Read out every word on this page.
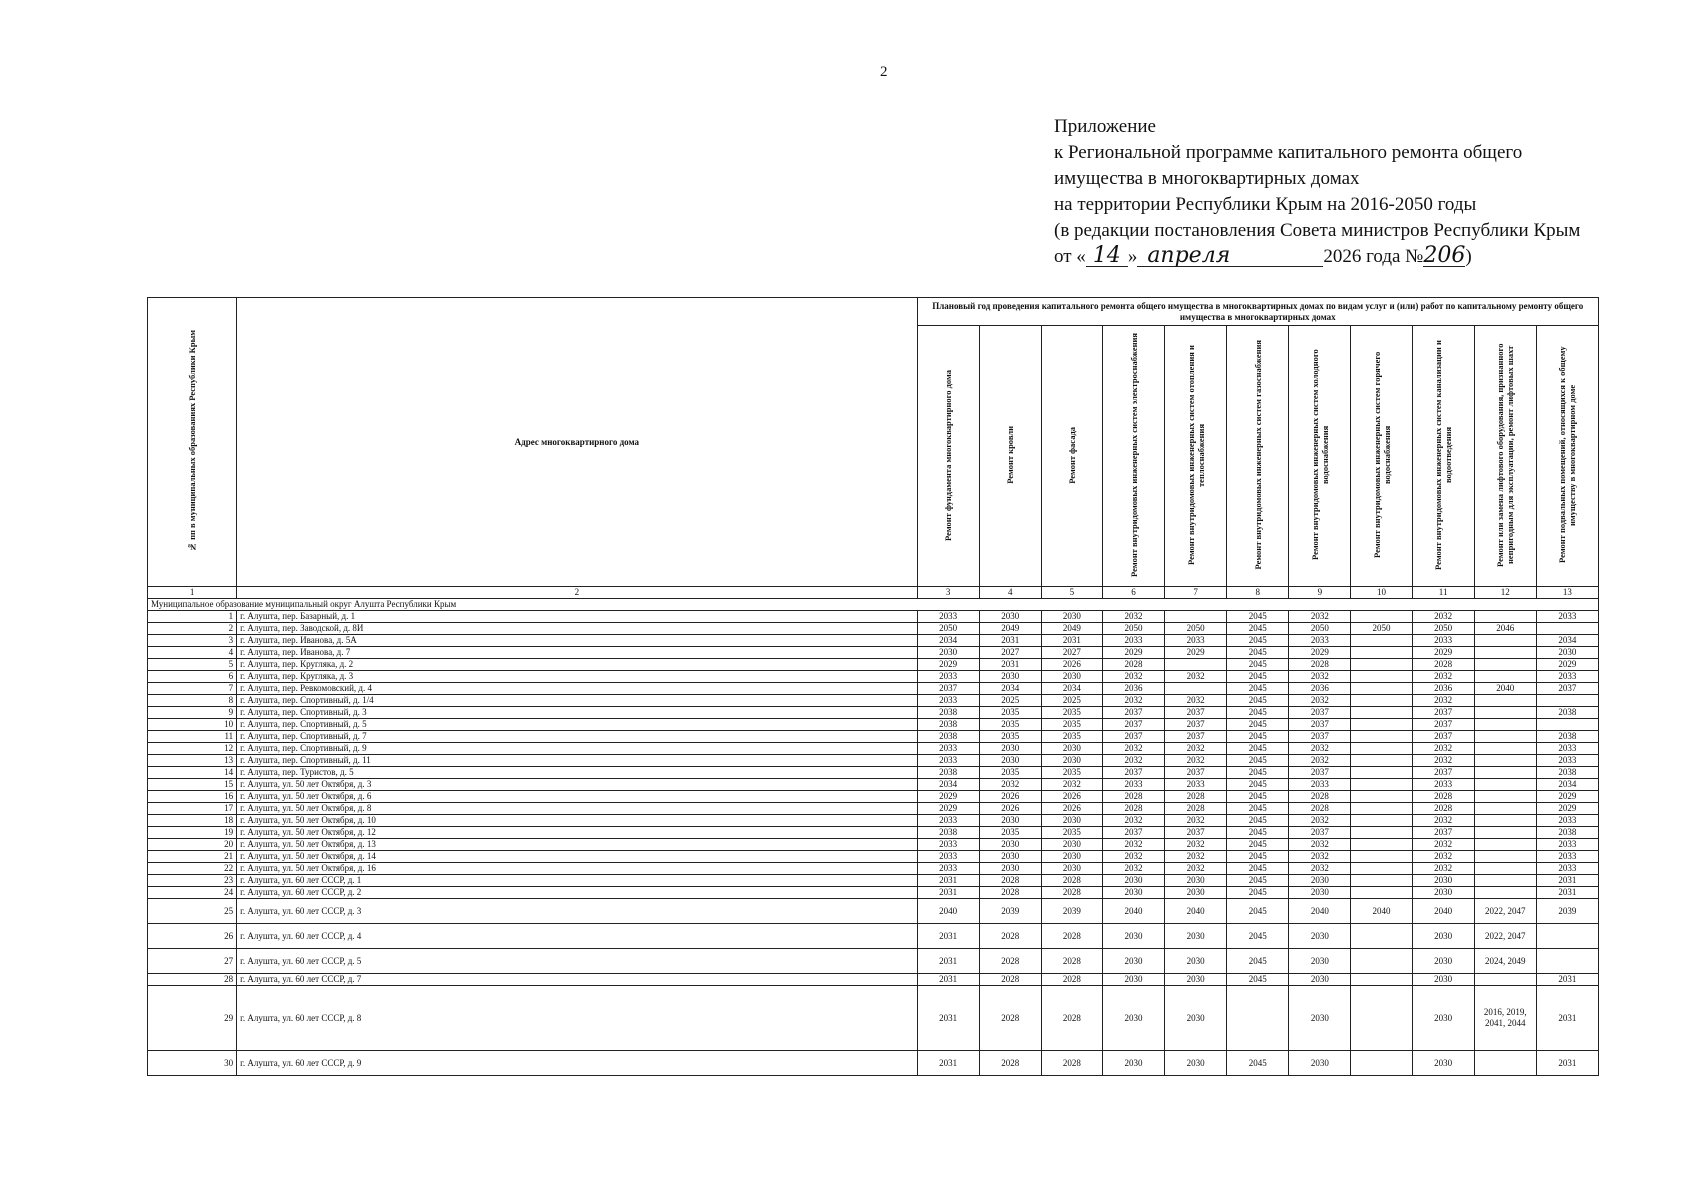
2
Приложение
к Региональной программе капитального ремонта общего
имущества в многоквартирных домах
на территории Республики Крым на 2016-2050 годы
(в редакции постановления Совета министров Республики Крым
от « 14 » апреля	2026 года №206)
№ пп в муниципальных образованиях Республики Крым	Адрес многоквартирного дома	Плановый год проведения капитального ремонта общего имущества в многоквартирных домах по видам услуг и (или) работ по капитальному ремонту общего имущества в многоквартирных домах										
		Ремонт фундамента многоквартирного дома	Ремонт кровли	Ремонт фасада	Ремонт внутридомовых инженерных систем электроснабжения	Ремонт внутридомовых инженерных систем отопления и теплоснабжения	Ремонт внутридомовых инженерных систем газоснабжения	Ремонт внутридомовых инженерных систем холодного водоснабжения	Ремонт внутридомовых инженерных систем горячего водоснабжения	Ремонт внутридомовых инженерных систем канализации и водоотведения	Ремонт или замена лифтового оборудования, признанного непригодным для эксплуатации, ремонт лифтовых шахт	Ремонт подвальных помещений, относящихся к общему имуществу в многоквартирном доме
1	2	3	4	5	6	7	8	9	10	11	12	13
Муниципальное образование муниципальный округ Алушта Республики Крым												
1	г. Алушта, пер. Базарный, д. 1	2033	2030	2030	2032		2045	2032		2032		2033
2	г. Алушта, пер. Заводской, д. 8И	2050	2049	2049	2050	2050	2045	2050	2050	2050	2046	
3	г. Алушта, пер. Иванова, д. 5А	2034	2031	2031	2033	2033	2045	2033		2033		2034
4	г. Алушта, пер. Иванова, д. 7	2030	2027	2027	2029	2029	2045	2029		2029		2030
5	г. Алушта, пер. Кругляка, д. 2	2029	2031	2026	2028		2045	2028		2028		2029
6	г. Алушта, пер. Кругляка, д. 3	2033	2030	2030	2032	2032	2045	2032		2032		2033
7	г. Алушта, пер. Ревкомовский, д. 4	2037	2034	2034	2036		2045	2036		2036	2040	2037
8	г. Алушта, пер. Спортивный, д. 1/4	2033	2025	2025	2032	2032	2045	2032		2032		
9	г. Алушта, пер. Спортивный, д. 3	2038	2035	2035	2037	2037	2045	2037		2037		2038
10	г. Алушта, пер. Спортивный, д. 5	2038	2035	2035	2037	2037	2045	2037		2037		
11	г. Алушта, пер. Спортивный, д. 7	2038	2035	2035	2037	2037	2045	2037		2037		2038
12	г. Алушта, пер. Спортивный, д. 9	2033	2030	2030	2032	2032	2045	2032		2032		2033
13	г. Алушта, пер. Спортивный, д. 11	2033	2030	2030	2032	2032	2045	2032		2032		2033
14	г. Алушта, пер. Туристов, д. 5	2038	2035	2035	2037	2037	2045	2037		2037		2038
15	г. Алушта, ул. 50 лет Октября, д. 3	2034	2032	2032	2033	2033	2045	2033		2033		2034
16	г. Алушта, ул. 50 лет Октября, д. 6	2029	2026	2026	2028	2028	2045	2028		2028		2029
17	г. Алушта, ул. 50 лет Октября, д. 8	2029	2026	2026	2028	2028	2045	2028		2028		2029
18	г. Алушта, ул. 50 лет Октября, д. 10	2033	2030	2030	2032	2032	2045	2032		2032		2033
19	г. Алушта, ул. 50 лет Октября, д. 12	2038	2035	2035	2037	2037	2045	2037		2037		2038
20	г. Алушта, ул. 50 лет Октября, д. 13	2033	2030	2030	2032	2032	2045	2032		2032		2033
21	г. Алушта, ул. 50 лет Октября, д. 14	2033	2030	2030	2032	2032	2045	2032		2032		2033
22	г. Алушта, ул. 50 лет Октября, д. 16	2033	2030	2030	2032	2032	2045	2032		2032		2033
23	г. Алушта, ул. 60 лет СССР, д. 1	2031	2028	2028	2030	2030	2045	2030		2030		2031
24	г. Алушта, ул. 60 лет СССР, д. 2	2031	2028	2028	2030	2030	2045	2030		2030		2031
25	г. Алушта, ул. 60 лет СССР, д. 3	2040	2039	2039	2040	2040	2045	2040	2040	2040	2022, 2047	2039
26	г. Алушта, ул. 60 лет СССР, д. 4	2031	2028	2028	2030	2030	2045	2030		2030	2022, 2047	
27	г. Алушта, ул. 60 лет СССР, д. 5	2031	2028	2028	2030	2030	2045	2030		2030	2024, 2049	
28	г. Алушта, ул. 60 лет СССР, д. 7	2031	2028	2028	2030	2030	2045	2030		2030		2031
29	г. Алушта, ул. 60 лет СССР, д. 8	2031	2028	2028	2030	2030		2030		2030	2016, 2019, 2041, 2044	2031
30	г. Алушта, ул. 60 лет СССР, д. 9	2031	2028	2028	2030	2030	2045	2030		2030		2031
